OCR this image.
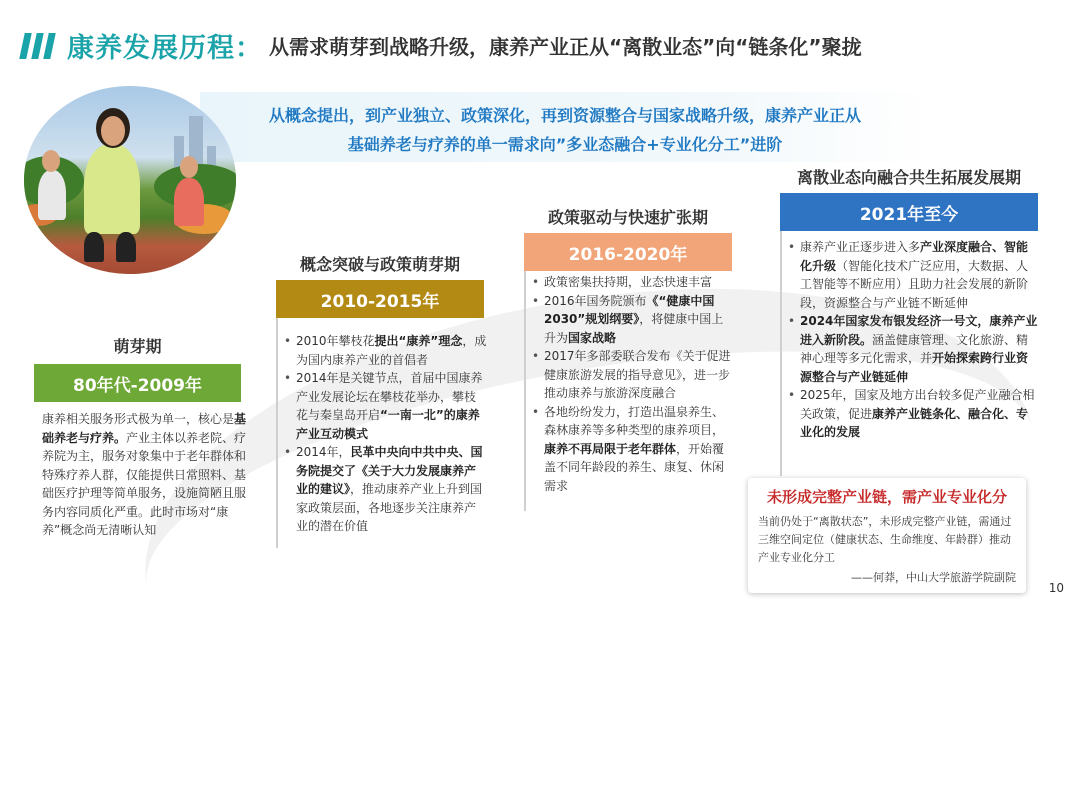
康养发展历程： 从需求萌芽到战略升级，康养产业正从“离散业态”向“链条化”聚拢

从概念提出，到产业独立、政策深化，再到资源整合与国家战略升级，康养产业正从

基础养老与疗养的单一需求向”多业态融合+专业化分工”进阶

萌芽期
80年代-2009年
康养相关服务形式极为单一，核心是基础养老与疗养。产业主体以养老院、疗养院为主，服务对象集中于老年群体和特殊疗养人群，仅能提供日常照料、基础医疗护理等简单服务，设施简陋且服务内容同质化严重。此时市场对“康养”概念尚无清晰认知
概念突破与政策萌芽期
2010-2015年
• 2010年攀枝花提出“康养”理念，成为国内康养产业的首倡者
• 2014年是关键节点，首届中国康养产业发展论坛在攀枝花举办，攀枝花与秦皇岛开启“一南一北”的康养产业互动模式
• 2014年，民革中央向中共中央、国务院提交了《关于大力发展康养产业的建议》，推动康养产业上升到国家政策层面，各地逐步关注康养产业的潜在价值
政策驱动与快速扩张期
2016-2020年
• 政策密集扶持期，业态快速丰富
• 2016年国务院颁布《“健康中国2030”规划纲要》，将健康中国上升为国家战略
• 2017年多部委联合发布《关于促进健康旅游发展的指导意见》，进一步推动康养与旅游深度融合
• 各地纷纷发力，打造出温泉养生、森林康养等多种类型的康养项目，康养不再局限于老年群体，开始覆盖不同年龄段的养生、康复、休闲需求
离散业态向融合共生拓展发展期
2021年至今
• 康养产业正逐步进入多产业深度融合、智能化升级（智能化技术广泛应用，大数据、人工智能等不断应用）且助力社会发展的新阶段，资源整合与产业链不断延伸
• 2024年国家发布银发经济一号文，康养产业进入新阶段。涵盖健康管理、文化旅游、精神心理等多元化需求，并开始探索跨行业资源整合与产业链延伸
• 2025年，国家及地方出台较多促产业融合相关政策，促进康养产业链条化、融合化、专业化的发展
未形成完整产业链，需产业专业化分
当前仍处于“离散状态”，未形成完整产业链，需通过三维空间定位（健康状态、生命维度、年龄群）推动产业专业化分工
——何莽，中山大学旅游学院副院
10
